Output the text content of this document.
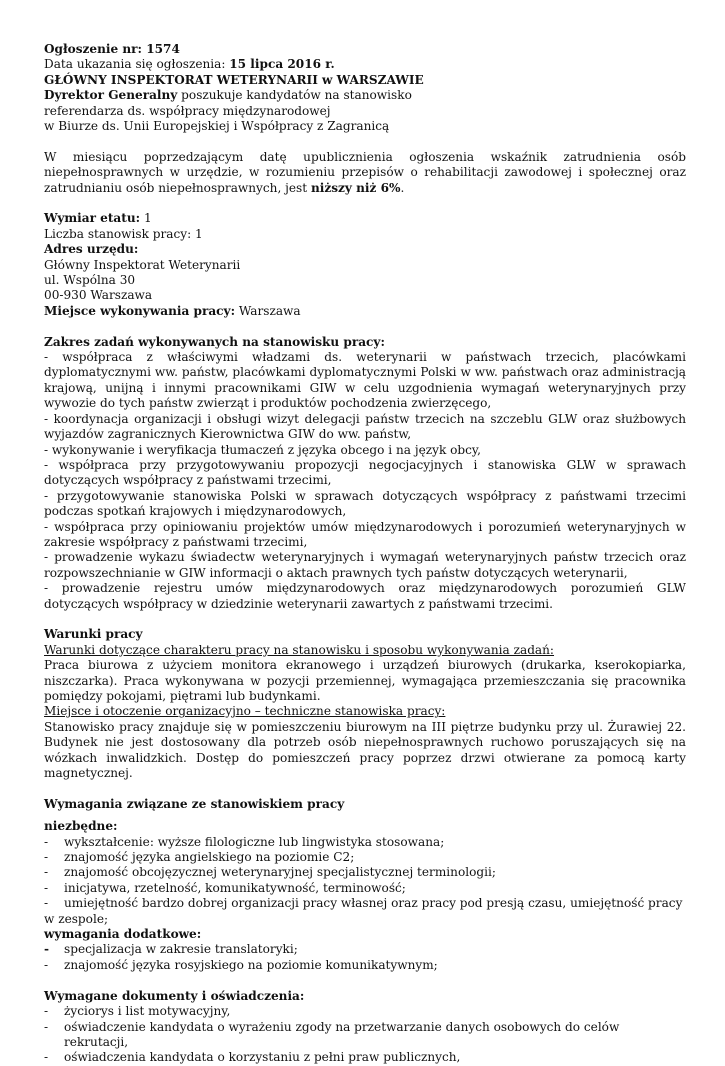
Ogłoszenie nr: 1574

Data ukazania się ogłoszenia: 15 lipca 2016 r.

GŁÓWNY INSPEKTORAT WETERYNARII w WARSZAWIE

Dyrektor Generalny poszukuje kandydatów na stanowisko

referendarza ds. współpracy międzynarodowej

w Biurze ds. Unii Europejskiej i Współpracy z Zagranicą

W miesiącu poprzedzającym datę upublicznienia ogłoszenia wskaźnik zatrudnienia osób niepełnosprawnych w urzędzie, w rozumieniu przepisów o rehabilitacji zawodowej i społecznej oraz zatrudnianiu osób niepełnosprawnych, jest niższy niż 6%.

Wymiar etatu: 1

Liczba stanowisk pracy: 1

Adres urzędu:

Główny Inspektorat Weterynarii

ul. Wspólna 30

00-930 Warszawa

Miejsce wykonywania pracy: Warszawa

Zakres zadań wykonywanych na stanowisku pracy:

- współpraca z właściwymi władzami ds. weterynarii w państwach trzecich, placówkami dyplomatycznymi ww. państw, placówkami dyplomatycznymi Polski w ww. państwach oraz administracją krajową, unijną i innymi pracownikami GIW w celu uzgodnienia wymagań weterynaryjnych przy wywozie do tych państw zwierząt i produktów pochodzenia zwierzęcego,

- koordynacja organizacji i obsługi wizyt delegacji państw trzecich na szczeblu GLW oraz służbowych wyjazdów zagranicznych Kierownictwa GIW do ww. państw,

- wykonywanie i weryfikacja tłumaczeń z języka obcego i na język obcy,

- współpraca przy przygotowywaniu propozycji negocjacyjnych i stanowiska GLW w sprawach dotyczących współpracy z państwami trzecimi,

- przygotowywanie stanowiska Polski w sprawach dotyczących współpracy z państwami trzecimi podczas spotkań krajowych i międzynarodowych,

- współpraca przy opiniowaniu projektów umów międzynarodowych i porozumień weterynaryjnych w zakresie współpracy z państwami trzecimi,

- prowadzenie wykazu świadectw weterynaryjnych i wymagań weterynaryjnych państw trzecich oraz rozpowszechnianie w GIW informacji o aktach prawnych tych państw dotyczących weterynarii,

- prowadzenie rejestru umów międzynarodowych oraz międzynarodowych porozumień GLW dotyczących współpracy w dziedzinie weterynarii zawartych z państwami trzecimi.

Warunki pracy

Warunki dotyczące charakteru pracy na stanowisku i sposobu wykonywania zadań:

Praca biurowa z użyciem monitora ekranowego i urządzeń biurowych (drukarka, kserokopiarka, niszczarka). Praca wykonywana w pozycji przemiennej, wymagająca przemieszczania się pracownika pomiędzy pokojami, piętrami lub budynkami.

Miejsce i otoczenie organizacyjno – techniczne stanowiska pracy:

Stanowisko pracy znajduje się w pomieszczeniu biurowym na III piętrze budynku przy ul. Żurawiej 22. Budynek nie jest dostosowany dla potrzeb osób niepełnosprawnych ruchowo poruszających się na wózkach inwalidzkich. Dostęp do pomieszczeń pracy poprzez drzwi otwierane za pomocą karty magnetycznej.

Wymagania związane ze stanowiskiem pracy

niezbędne:

-	wykształcenie: wyższe filologiczne lub lingwistyka stosowana;
-	znajomość języka angielskiego na poziomie C2;
-	znajomość obcojęzycznej weterynaryjnej specjalistycznej terminologii;
-	inicjatywa, rzetelność, komunikatywność, terminowość;
-	umiejętność bardzo dobrej organizacji pracy własnej oraz pracy pod presją czasu, umiejętność pracy

w zespole;

wymagania dodatkowe:

-	specjalizacja w zakresie translatoryki;
-	znajomość języka rosyjskiego na poziomie komunikatywnym;

Wymagane dokumenty i oświadczenia:

-	życiorys i list motywacyjny,
-	oświadczenie kandydata o wyrażeniu zgody na przetwarzanie danych osobowych do celów rekrutacji,
-	oświadczenia kandydata o korzystaniu z pełni praw publicznych,
